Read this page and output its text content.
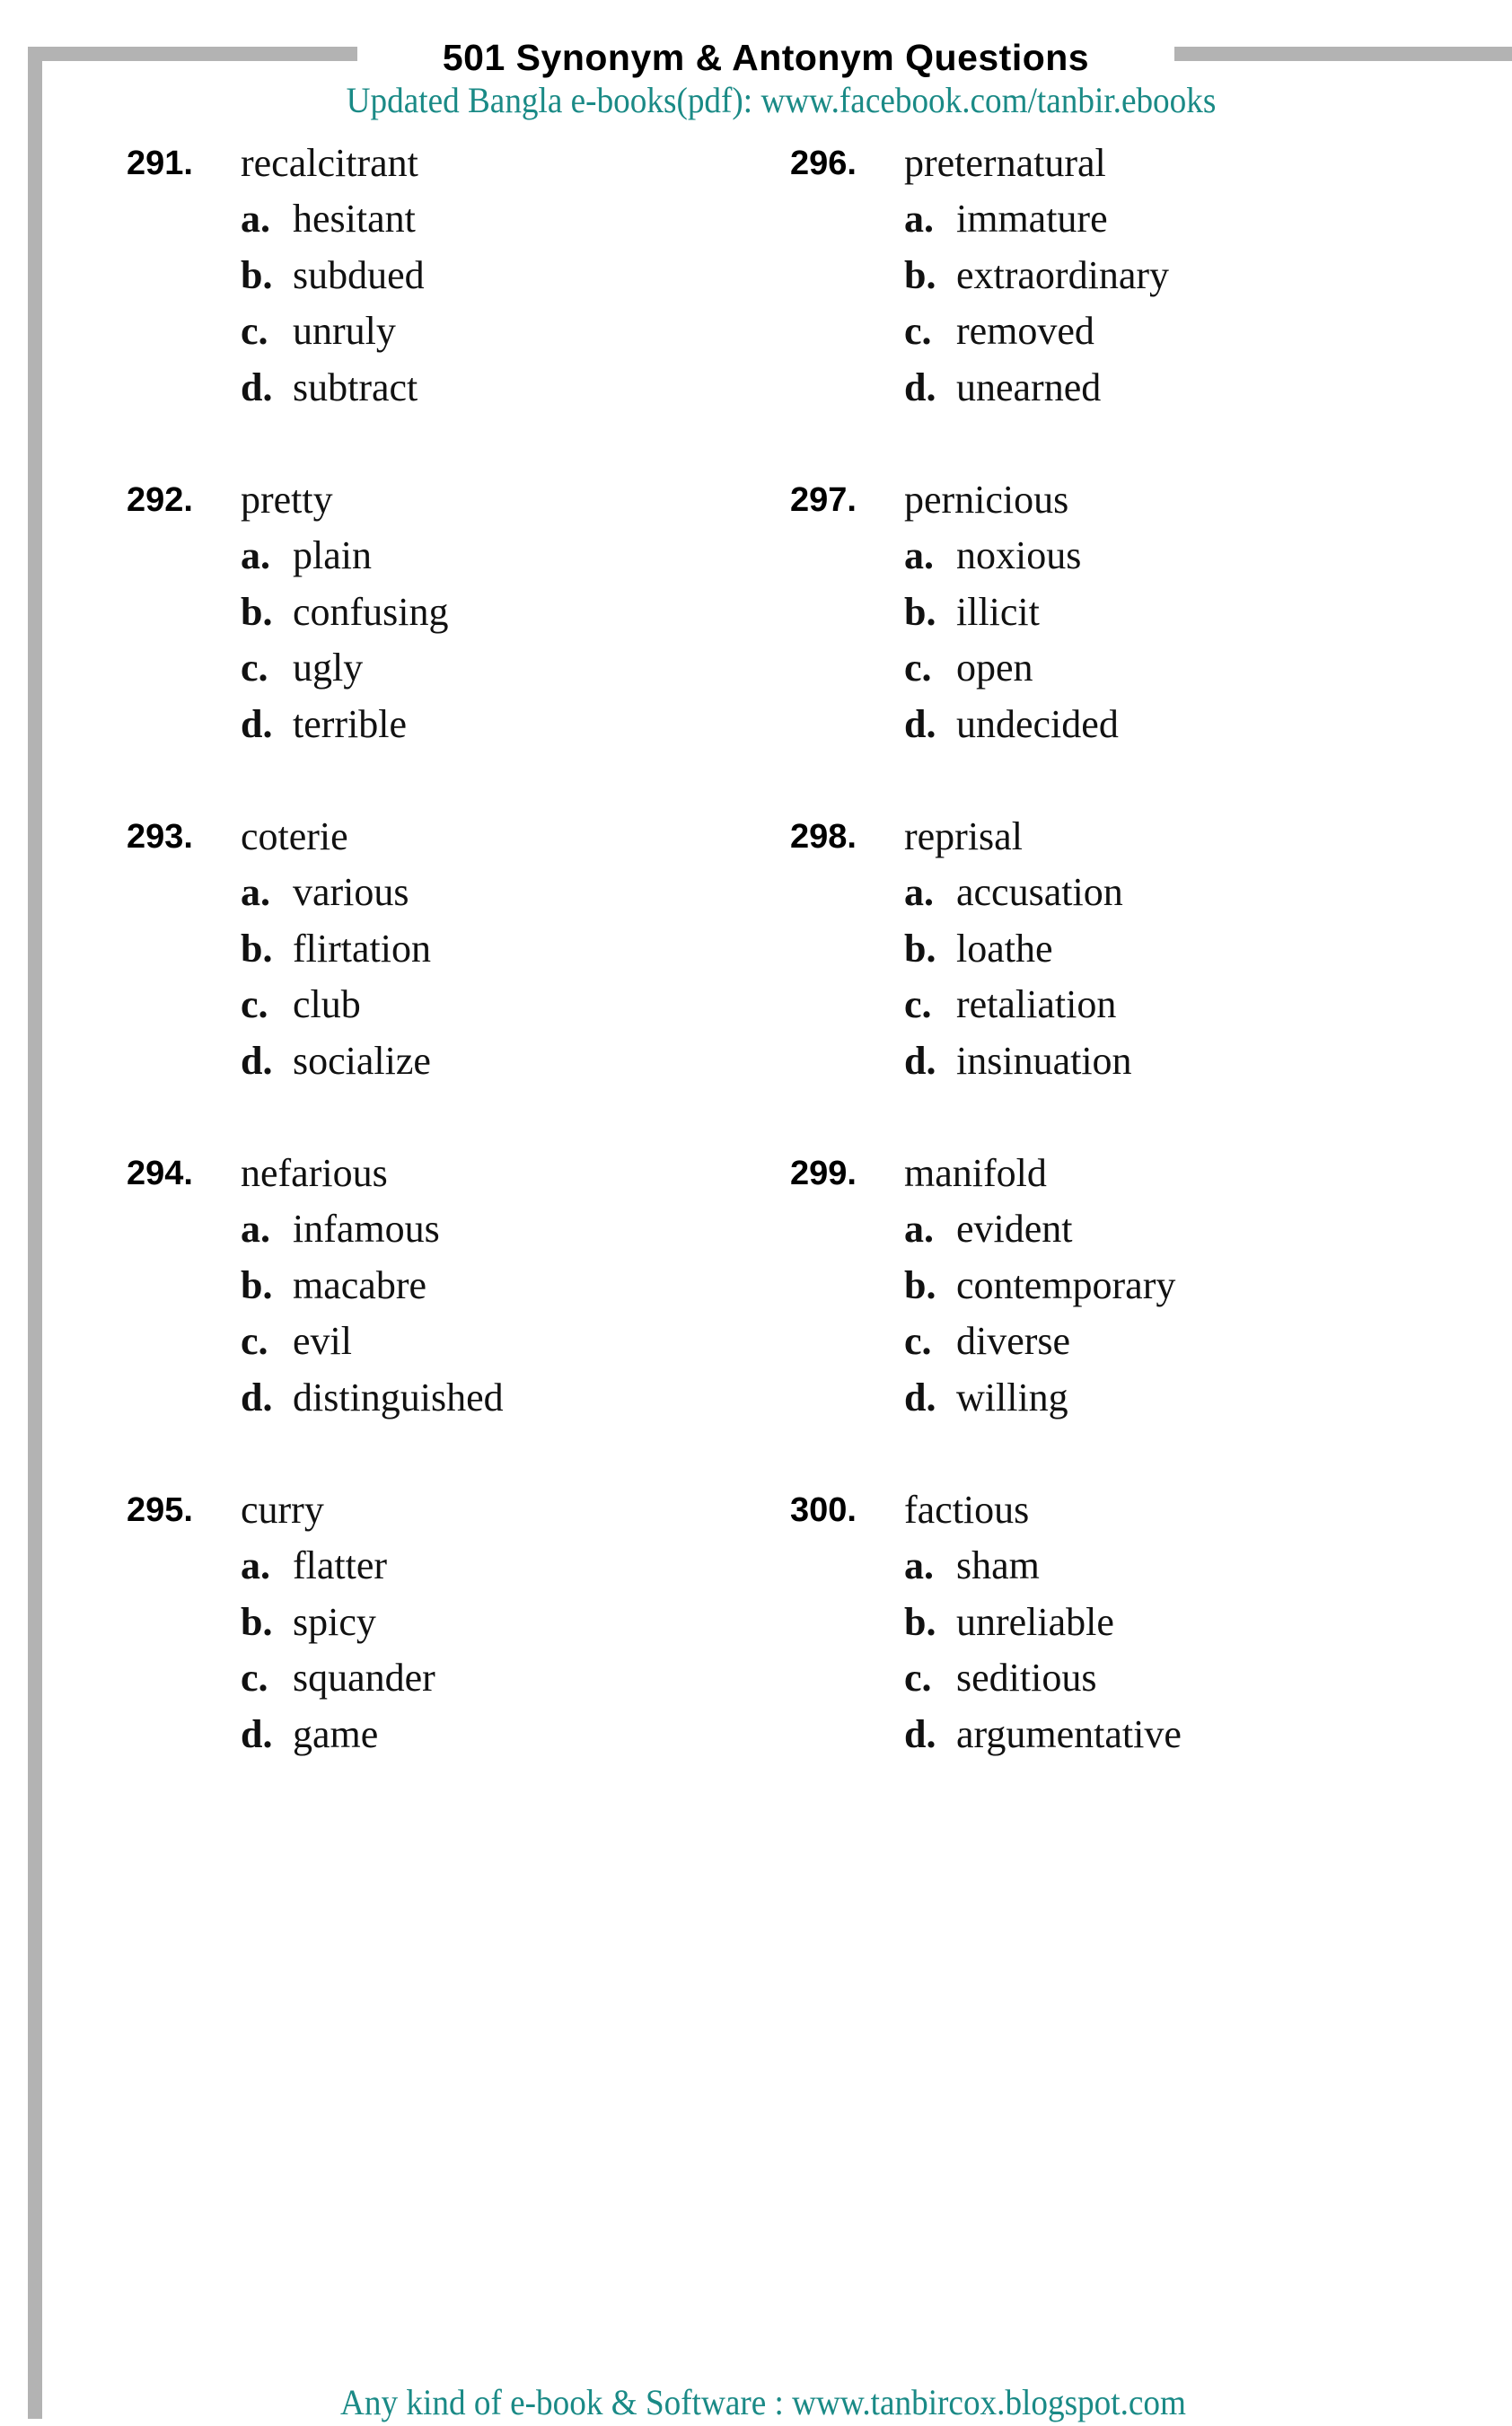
501 Synonym & Antonym Questions
Updated Bangla e-books(pdf): www.facebook.com/tanbir.ebooks
291. recalcitrant
a. hesitant
b. subdued
c. unruly
d. subtract
292. pretty
a. plain
b. confusing
c. ugly
d. terrible
293. coterie
a. various
b. flirtation
c. club
d. socialize
294. nefarious
a. infamous
b. macabre
c. evil
d. distinguished
295. curry
a. flatter
b. spicy
c. squander
d. game
296. preternatural
a. immature
b. extraordinary
c. removed
d. unearned
297. pernicious
a. noxious
b. illicit
c. open
d. undecided
298. reprisal
a. accusation
b. loathe
c. retaliation
d. insinuation
299. manifold
a. evident
b. contemporary
c. diverse
d. willing
300. factious
a. sham
b. unreliable
c. seditious
d. argumentative
Any kind of e-book & Software : www.tanbircox.blogspot.com
